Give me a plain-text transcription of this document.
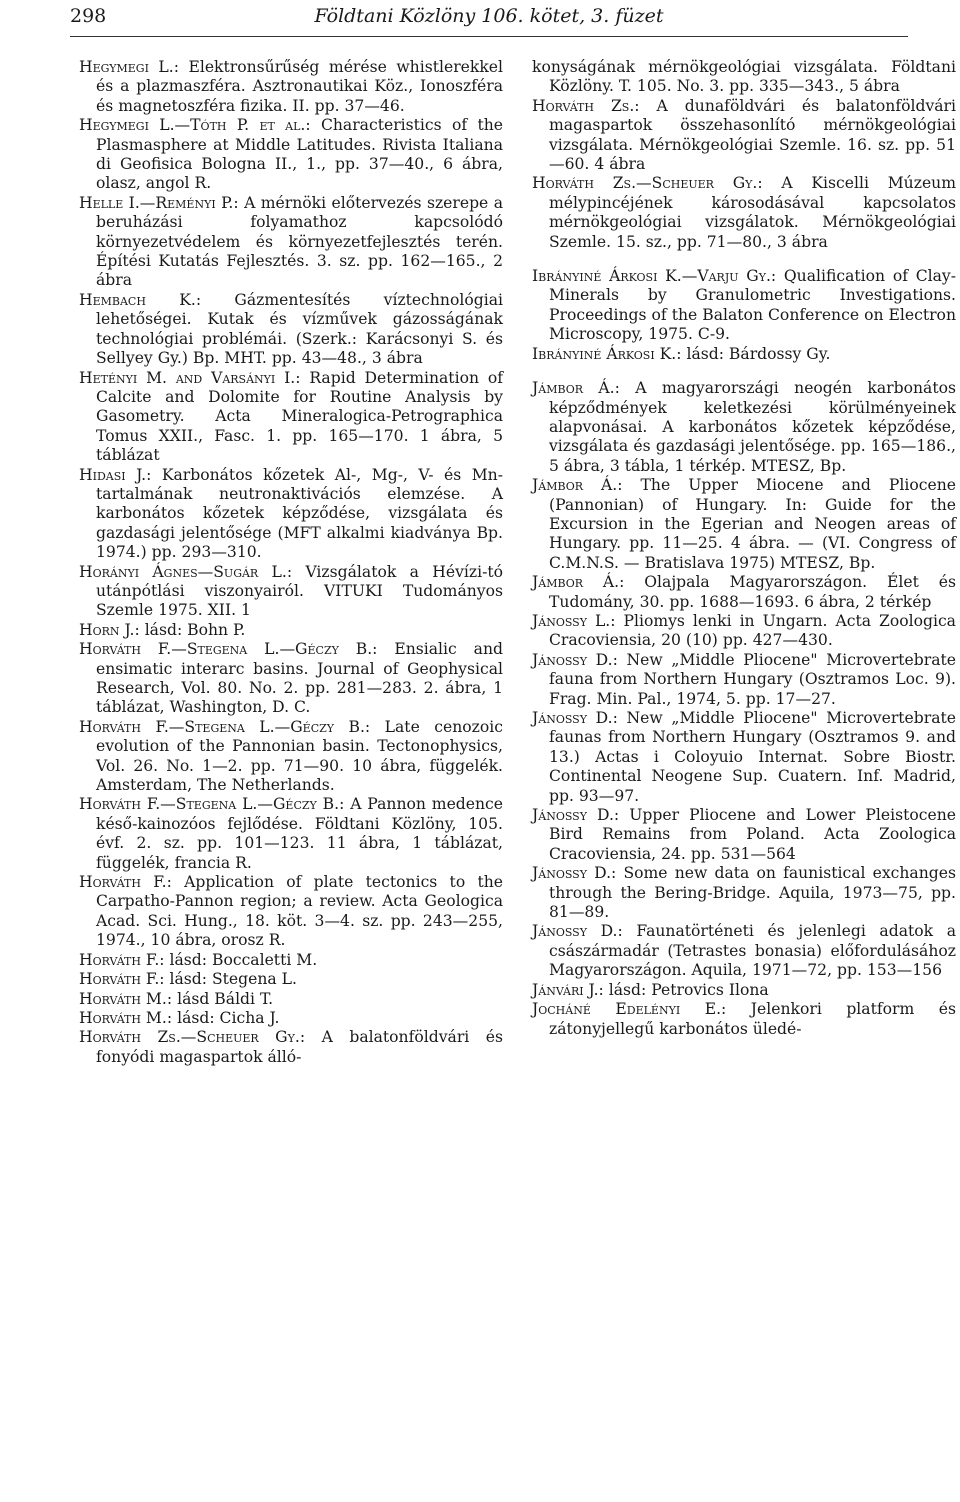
298	Földtani Közlöny 106. kötet, 3. füzet

Hegymegi L.: Elektronsűrűség mérése whistlerekkel és a plazmaszféra. Asztronautikai Köz., Ionoszféra és magnetoszféra fizika. II. pp. 37—46.

Hegymegi L.—Tóth P. et al.: Characteristics of the Plasmasphere at Middle Latitudes. Rivista Italiana di Geofisica Bologna II., 1., pp. 37—40., 6 ábra, olasz, angol R.

Helle I.—Reményi P.: A mérnöki előtervezés szerepe a beruházási folyamathoz kapcsolódó környezetvédelem és környezetfejlesztés terén. Építési Kutatás Fejlesztés. 3. sz. pp. 162—165., 2 ábra

Hembach K.: Gázmentesítés víztechnológiai lehetőségei. Kutak és vízművek gázosságának technológiai problémái. (Szerk.: Karácsonyi S. és Sellyey Gy.) Bp. MHT. pp. 43—48., 3 ábra

Hetényi M. and Varsányi I.: Rapid Determination of Calcite and Dolomite for Routine Analysis by Gasometry. Acta Mineralogica-Petrographica Tomus XXII., Fasc. 1. pp. 165—170. 1 ábra, 5 táblázat

Hidasi J.: Karbonátos kőzetek Al-, Mg-, V- és Mn-tartalmának neutronaktivációs elemzése. A karbonátos kőzetek képződése, vizsgálata és gazdasági jelentősége (MFT alkalmi kiadványa Bp. 1974.) pp. 293—310.

Horányi Ágnes—Sugár L.: Vizsgálatok a Hévízi-tó utánpótlási viszonyairól. VITUKI Tudományos Szemle 1975. XII. 1

Horn J.: lásd: Bohn P.

Horváth F.—Stegena L.—Géczy B.: Ensialic and ensimatic interarc basins. Journal of Geophysical Research, Vol. 80. No. 2. pp. 281—283. 2. ábra, 1 táblázat, Washington, D. C.

Horváth F.—Stegena L.—Géczy B.: Late cenozoic evolution of the Pannonian basin. Tectonophysics, Vol. 26. No. 1—2. pp. 71—90. 10 ábra, függelék. Amsterdam, The Netherlands.

Horváth F.—Stegena L.—Géczy B.: A Pannon medence késő-kainozóos fejlődése. Földtani Közlöny, 105. évf. 2. sz. pp. 101—123. 11 ábra, 1 táblázat, függelék, francia R.

Horváth F.: Application of plate tectonics to the Carpatho-Pannon region; a review. Acta Geologica Acad. Sci. Hung., 18. köt. 3—4. sz. pp. 243—255, 1974., 10 ábra, orosz R.

Horváth F.: lásd: Boccaletti M.

Horváth F.: lásd: Stegena L.

Horváth M.: lásd Báldi T.

Horváth M.: lásd: Cicha J.

Horváth Zs.—Scheuer Gy.: A balatonföldvári és fonyódi magaspartok álló-

konyságának mérnökgeológiai vizsgálata. Földtani Közlöny. T. 105. No. 3. pp. 335—343., 5 ábra

Horváth Zs.: A dunaföldvári és balatonföldvári magaspartok összehasonlító mérnökgeológiai vizsgálata. Mérnökgeológiai Szemle. 16. sz. pp. 51—60. 4 ábra

Horváth Zs.—Scheuer Gy.: A Kiscelli Múzeum mélypincéjének károsodásával kapcsolatos mérnökgeológiai vizsgálatok. Mérnökgeológiai Szemle. 15. sz., pp. 71—80., 3 ábra

Ibrányiné Árkosi K.—Varju Gy.: Qualification of Clay-Minerals by Granulometric Investigations. Proceedings of the Balaton Conference on Electron Microscopy, 1975. C-9.

Ibrányiné Árkosi K.: lásd: Bárdossy Gy.

Jámbor Á.: A magyarországi neogén karbonátos képződmények keletkezési körülményeinek alapvonásai. A karbonátos kőzetek képződése, vizsgálata és gazdasági jelentősége. pp. 165—186., 5 ábra, 3 tábla, 1 térkép. MTESZ, Bp.

Jámbor Á.: The Upper Miocene and Pliocene (Pannonian) of Hungary. In: Guide for the Excursion in the Egerian and Neogen areas of Hungary. pp. 11—25. 4 ábra. — (VI. Congress of C.M.N.S. — Bratislava 1975) MTESZ, Bp.

Jámbor Á.: Olajpala Magyarországon. Élet és Tudomány, 30. pp. 1688—1693. 6 ábra, 2 térkép

Jánossy L.: Pliomys lenki in Ungarn. Acta Zoologica Cracoviensia, 20 (10) pp. 427—430.

Jánossy D.: New „Middle Pliocene" Microvertebrate fauna from Northern Hungary (Osztramos Loc. 9). Frag. Min. Pal., 1974, 5. pp. 17—27.

Jánossy D.: New „Middle Pliocene" Microvertebrate faunas from Northern Hungary (Osztramos 9. and 13.) Actas i Coloyuio Internat. Sobre Biostr. Continental Neogene Sup. Cuatern. Inf. Madrid, pp. 93—97.

Jánossy D.: Upper Pliocene and Lower Pleistocene Bird Remains from Poland. Acta Zoologica Cracoviensia, 24. pp. 531—564

Jánossy D.: Some new data on faunistical exchanges through the Bering-Bridge. Aquila, 1973—75, pp. 81—89.

Jánossy D.: Faunatörténeti és jelenlegi adatok a császármadár (Tetrastes bonasia) előfordulásához Magyarországon. Aquila, 1971—72, pp. 153—156

Jánvári J.: lásd: Petrovics Ilona

Jocháné Edelényi E.: Jelenkori platform és zátonyjellegű karbonátos üledé-
